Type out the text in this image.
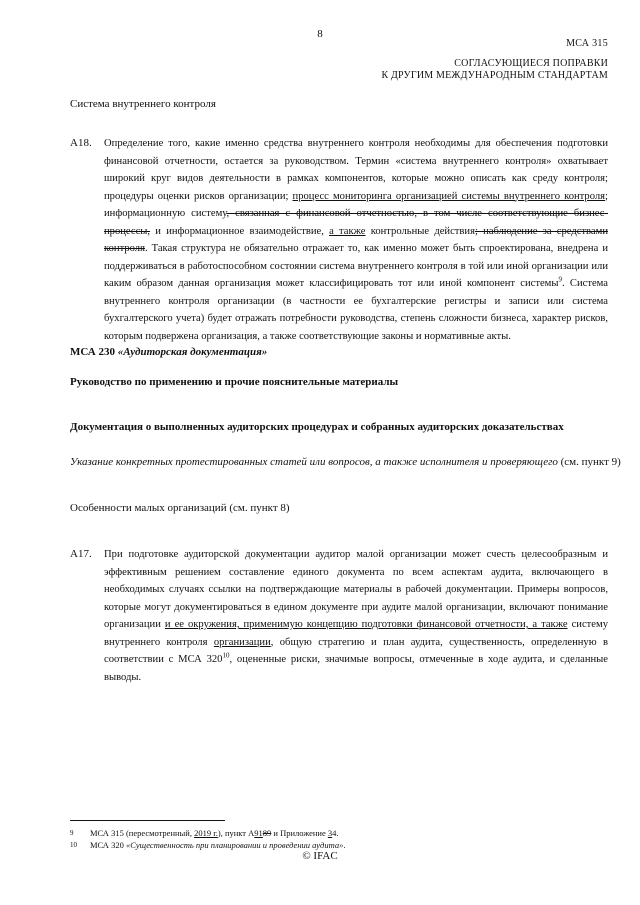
8
МСА 315
СОГЛАСУЮЩИЕСЯ ПОПРАВКИ
К ДРУГИМ МЕЖДУНАРОДНЫМ СТАНДАРТАМ
Система внутреннего контроля
A18. Определение того, какие именно средства внутреннего контроля необходимы для обеспечения подготовки
финансовой отчетности, остается за руководством. Термин «система внутреннего контроля» охватывает
широкий круг видов деятельности в рамках компонентов, которые можно описать как среду контроля;
процедуры оценки рисков организации; процесс мониторинга организацией системы внутреннего контроля;
информационную систему, связанная с финансовой отчетностью, в том числе соответствующие бизнес-
процессы, и информационное взаимодействие, а также контрольные действия; наблюдение за средствами
контроля. Такая структура не обязательно отражает то, как именно может быть спроектирована, внедрена и
поддерживаться в работоспособном состоянии система внутреннего контроля в той или иной организации или
каким образом данная организация может классифицировать тот или иной компонент системы$^9$. Система
внутреннего контроля организации (в частности ее бухгалтерские регистры и записи или система
бухгалтерского учета) будет отражать потребности руководства, степень сложности бизнеса, характер рисков,
которым подвержена организация, а также соответствующие законы и нормативные акты.
МСА 230 «Аудиторская документация»
Руководство по применению и прочие пояснительные материалы
Документация о выполненных аудиторских процедурах и собранных аудиторских доказательствах
Указание конкретных протестированных статей или вопросов, а также исполнителя и проверяющего (см. пункт 9)
Особенности малых организаций (см. пункт 8)
A17. При подготовке аудиторской документации аудитор малой организации может счесть целесообразным и
эффективным решением составление единого документа по всем аспектам аудита, включающего в
необходимых случаях ссылки на подтверждающие материалы в рабочей документации. Примеры вопросов,
которые могут документироваться в едином документе при аудите малой организации, включают понимание
организации и ее окружения, применимую концепцию подготовки финансовой отчетности, а также систему
внутреннего контроля организации, общую стратегию и план аудита, существенность, определенную в
соответствии с МСА $320^{10}$, оцененные риски, значимые вопросы, отмеченные в ходе аудита, и сделанные
выводы.
9 МСА 315 (пересмотренный, 2019 г.), пункт A9189 и Приложение 34.
10 МСА 320 «Существенность при планировании и проведении аудита».
© IFAC
